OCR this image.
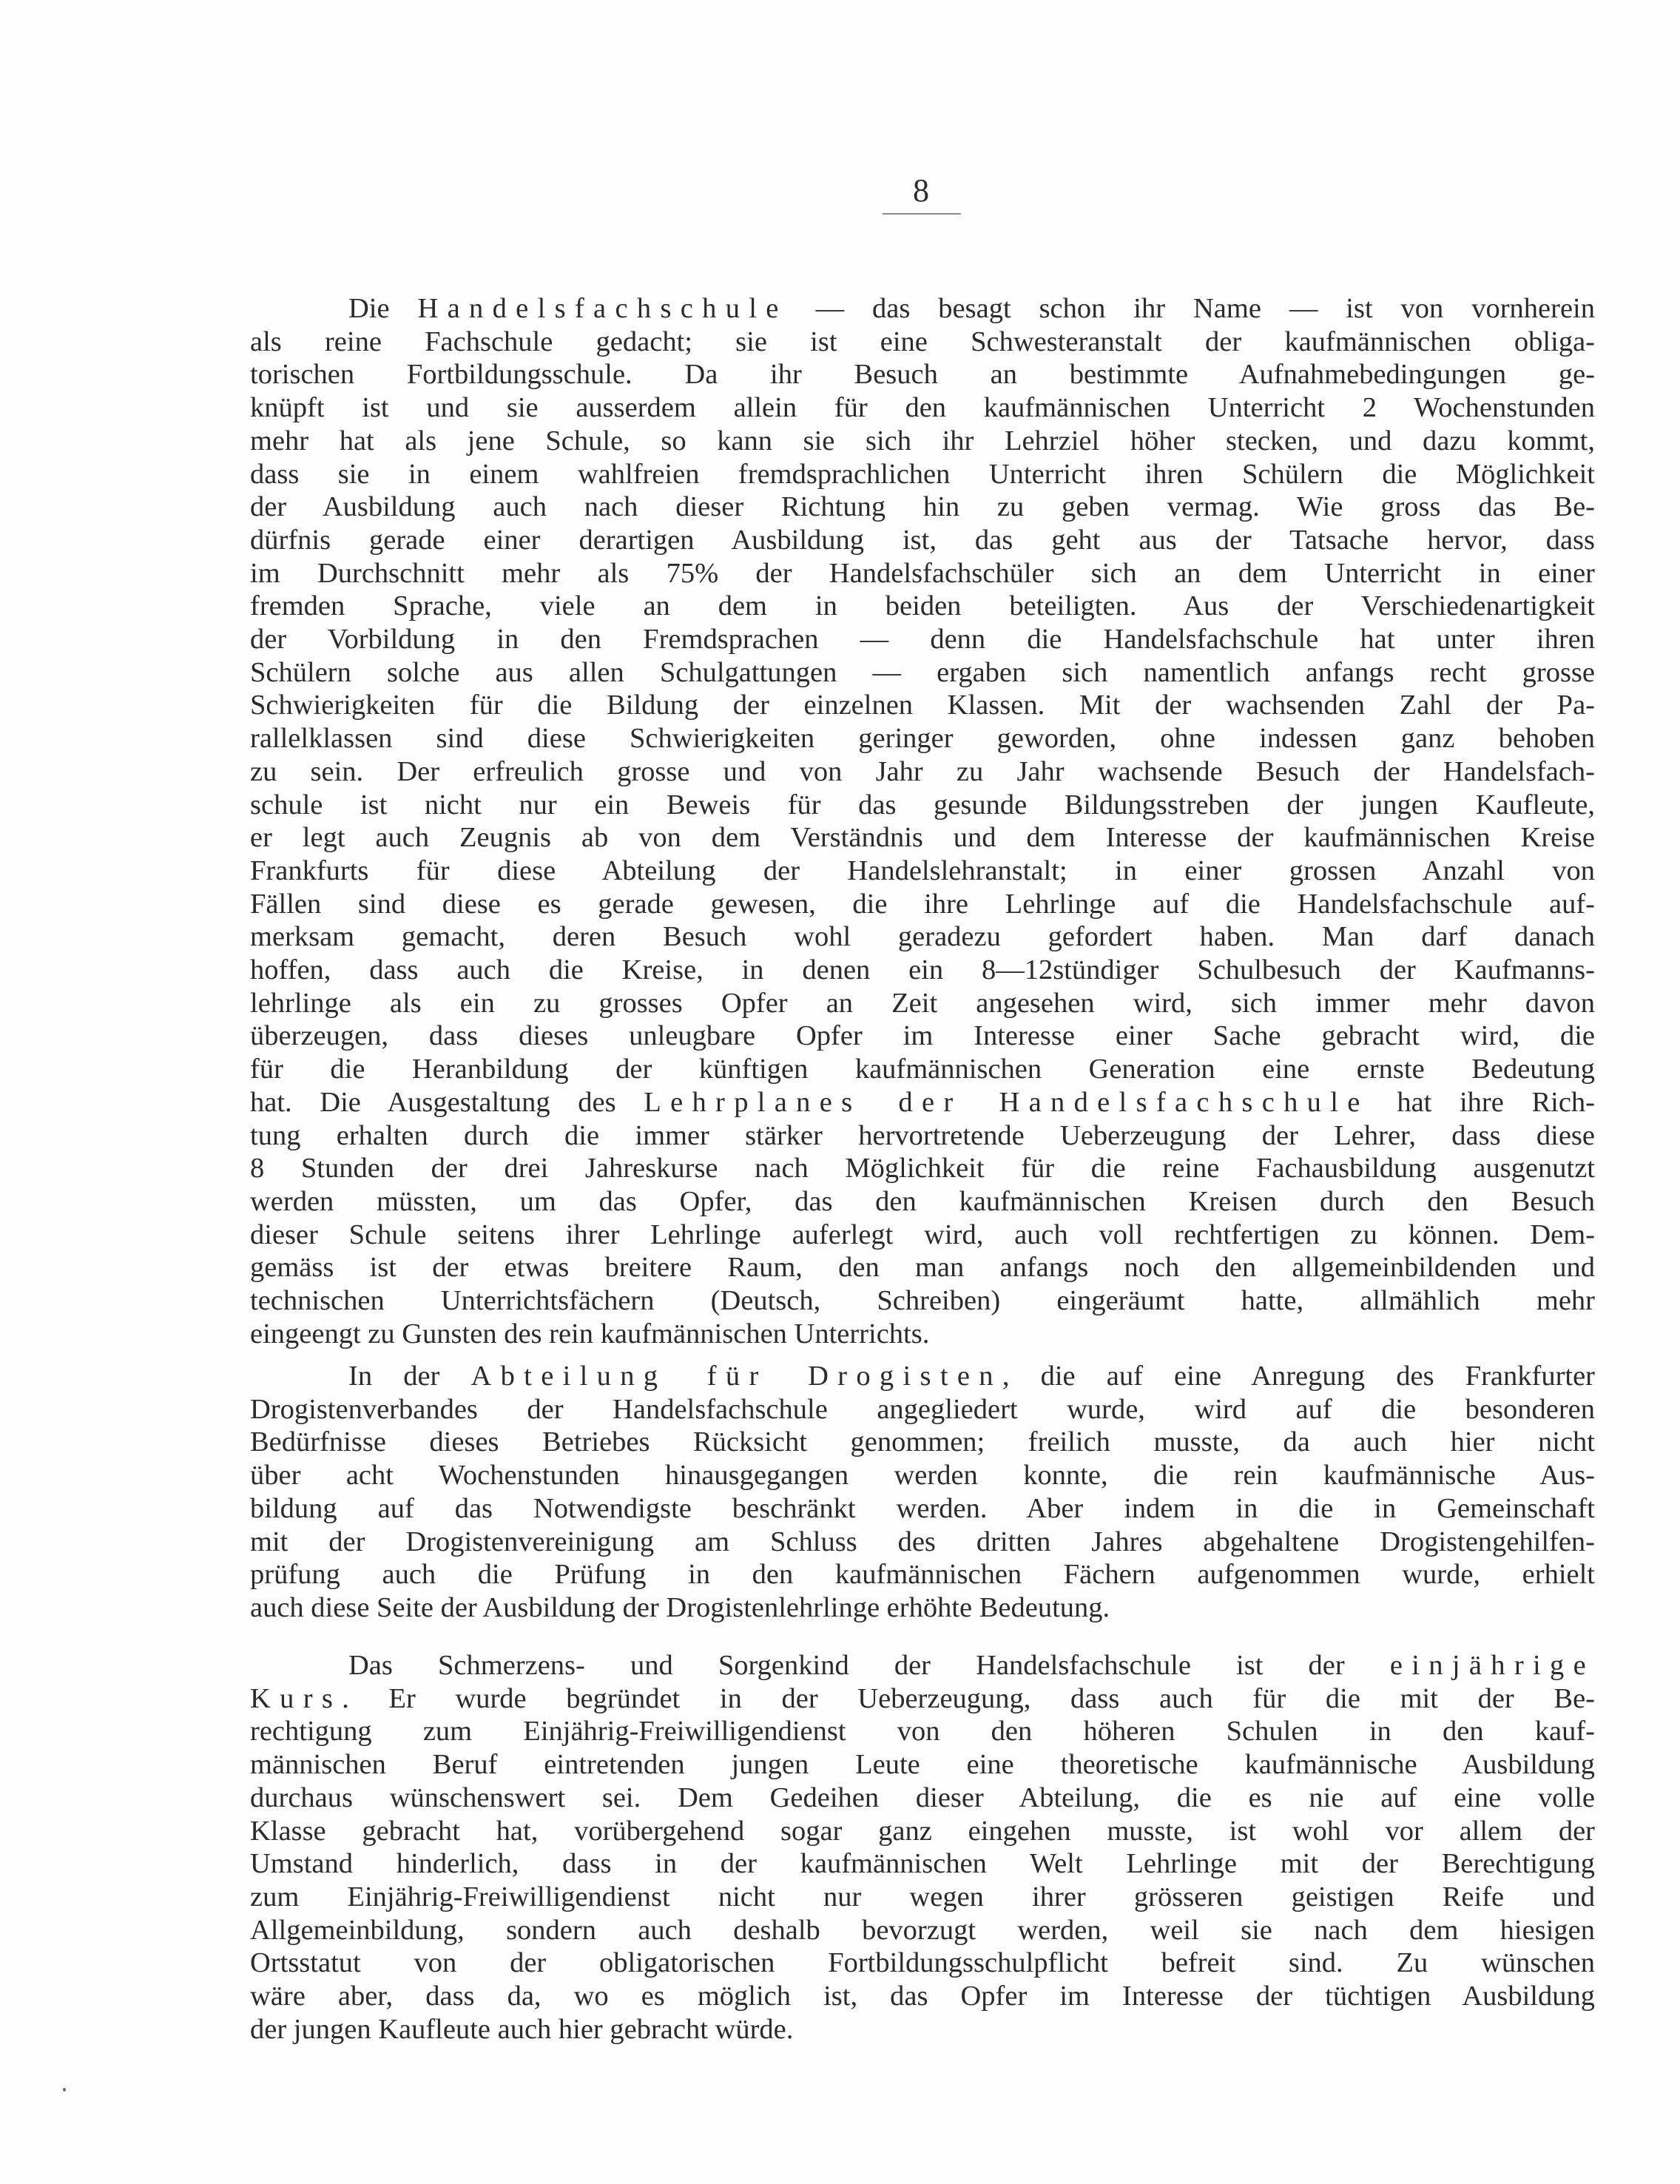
8
Die Handelsfachschule — das besagt schon ihr Name — ist von vornherein
als reine Fachschule gedacht; sie ist eine Schwesteranstalt der kaufmännischen obliga-
torischen Fortbildungsschule. Da ihr Besuch an bestimmte Aufnahmebedingungen ge-
knüpft ist und sie ausserdem allein für den kaufmännischen Unterricht 2 Wochenstunden
mehr hat als jene Schule, so kann sie sich ihr Lehrziel höher stecken, und dazu kommt,
dass sie in einem wahlfreien fremdsprachlichen Unterricht ihren Schülern die Möglichkeit
der Ausbildung auch nach dieser Richtung hin zu geben vermag. Wie gross das Be-
dürfnis gerade einer derartigen Ausbildung ist, das geht aus der Tatsache hervor, dass
im Durchschnitt mehr als 75% der Handelsfachschüler sich an dem Unterricht in einer
fremden Sprache, viele an dem in beiden beteiligten. Aus der Verschiedenartigkeit
der Vorbildung in den Fremdsprachen — denn die Handelsfachschule hat unter ihren
Schülern solche aus allen Schulgattungen — ergaben sich namentlich anfangs recht grosse
Schwierigkeiten für die Bildung der einzelnen Klassen. Mit der wachsenden Zahl der Pa-
rallelklassen sind diese Schwierigkeiten geringer geworden, ohne indessen ganz behoben
zu sein. Der erfreulich grosse und von Jahr zu Jahr wachsende Besuch der Handelsfach-
schule ist nicht nur ein Beweis für das gesunde Bildungsstreben der jungen Kaufleute,
er legt auch Zeugnis ab von dem Verständnis und dem Interesse der kaufmännischen Kreise
Frankfurts für diese Abteilung der Handelslehranstalt; in einer grossen Anzahl von
Fällen sind diese es gerade gewesen, die ihre Lehrlinge auf die Handelsfachschule auf-
merksam gemacht, deren Besuch wohl geradezu gefordert haben. Man darf danach
hoffen, dass auch die Kreise, in denen ein 8—12stündiger Schulbesuch der Kaufmanns-
lehrlinge als ein zu grosses Opfer an Zeit angesehen wird, sich immer mehr davon
überzeugen, dass dieses unleugbare Opfer im Interesse einer Sache gebracht wird, die
für die Heranbildung der künftigen kaufmännischen Generation eine ernste Bedeutung
hat. Die Ausgestaltung des Lehrplanes der Handelsfachschule hat ihre Rich-
tung erhalten durch die immer stärker hervortretende Ueberzeugung der Lehrer, dass diese
8 Stunden der drei Jahreskurse nach Möglichkeit für die reine Fachausbildung ausgenutzt
werden müssten, um das Opfer, das den kaufmännischen Kreisen durch den Besuch
dieser Schule seitens ihrer Lehrlinge auferlegt wird, auch voll rechtfertigen zu können. Dem-
gemäss ist der etwas breitere Raum, den man anfangs noch den allgemeinbildenden und
technischen Unterrichtsfächern (Deutsch, Schreiben) eingeräumt hatte, allmählich mehr
eingeengt zu Gunsten des rein kaufmännischen Unterrichts.
In der Abteilung für Drogisten, die auf eine Anregung des Frankfurter
Drogistenverbandes der Handelsfachschule angegliedert wurde, wird auf die besonderen
Bedürfnisse dieses Betriebes Rücksicht genommen; freilich musste, da auch hier nicht
über acht Wochenstunden hinausgegangen werden konnte, die rein kaufmännische Aus-
bildung auf das Notwendigste beschränkt werden. Aber indem in die in Gemeinschaft
mit der Drogistenvereinigung am Schluss des dritten Jahres abgehaltene Drogistengehilfen-
prüfung auch die Prüfung in den kaufmännischen Fächern aufgenommen wurde, erhielt
auch diese Seite der Ausbildung der Drogistenlehrlinge erhöhte Bedeutung.
Das Schmerzens- und Sorgenkind der Handelsfachschule ist der einjährige
Kurs. Er wurde begründet in der Ueberzeugung, dass auch für die mit der Be-
rechtigung zum Einjährig-Freiwilligendienst von den höheren Schulen in den kauf-
männischen Beruf eintretenden jungen Leute eine theoretische kaufmännische Ausbildung
durchaus wünschenswert sei. Dem Gedeihen dieser Abteilung, die es nie auf eine volle
Klasse gebracht hat, vorübergehend sogar ganz eingehen musste, ist wohl vor allem der
Umstand hinderlich, dass in der kaufmännischen Welt Lehrlinge mit der Berechtigung
zum Einjährig-Freiwilligendienst nicht nur wegen ihrer grösseren geistigen Reife und
Allgemeinbildung, sondern auch deshalb bevorzugt werden, weil sie nach dem hiesigen
Ortsstatut von der obligatorischen Fortbildungsschulpflicht befreit sind. Zu wünschen
wäre aber, dass da, wo es möglich ist, das Opfer im Interesse der tüchtigen Ausbildung
der jungen Kaufleute auch hier gebracht würde.
